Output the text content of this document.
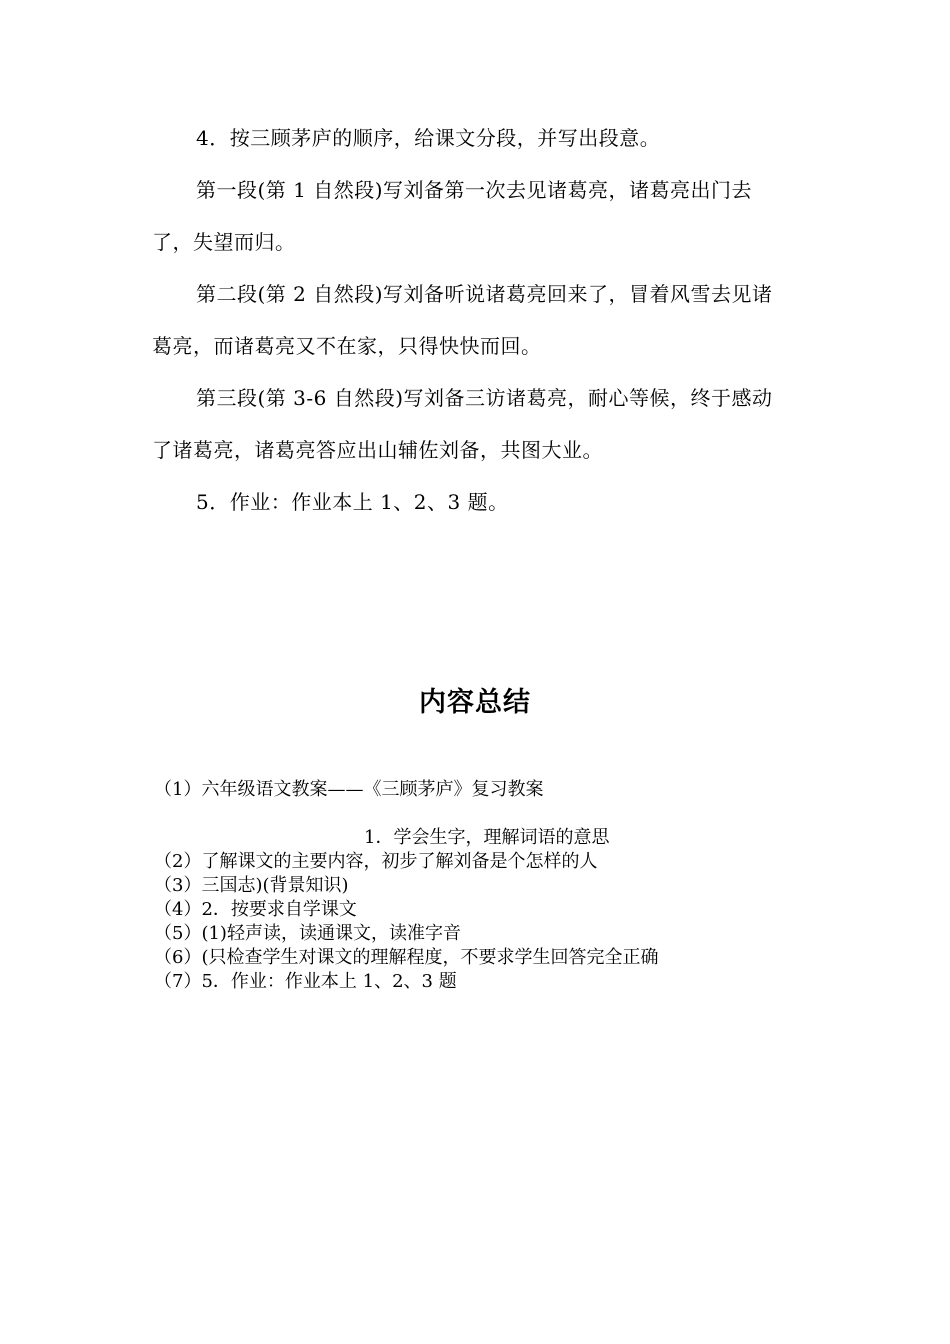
4．按三顾茅庐的顺序，给课文分段，并写出段意。

第一段(第 1 自然段)写刘备第一次去见诸葛亮，诸葛亮出门去了，失望而归。

第二段(第 2 自然段)写刘备听说诸葛亮回来了，冒着风雪去见诸葛亮，而诸葛亮又不在家，只得快快而回。

第三段(第 3-6 自然段)写刘备三访诸葛亮，耐心等候，终于感动了诸葛亮，诸葛亮答应出山辅佐刘备，共图大业。

5．作业：作业本上 1、2、3 题。

内容总结

（1）六年级语文教案——《三顾茅庐》复习教案

1．学会生字，理解词语的意思

（2）了解课文的主要内容，初步了解刘备是个怎样的人
（3）三国志)(背景知识)
（4）2．按要求自学课文
（5）(1)轻声读，读通课文，读准字音
（6）(只检查学生对课文的理解程度，不要求学生回答完全正确
（7）5．作业：作业本上 1、2、3 题
